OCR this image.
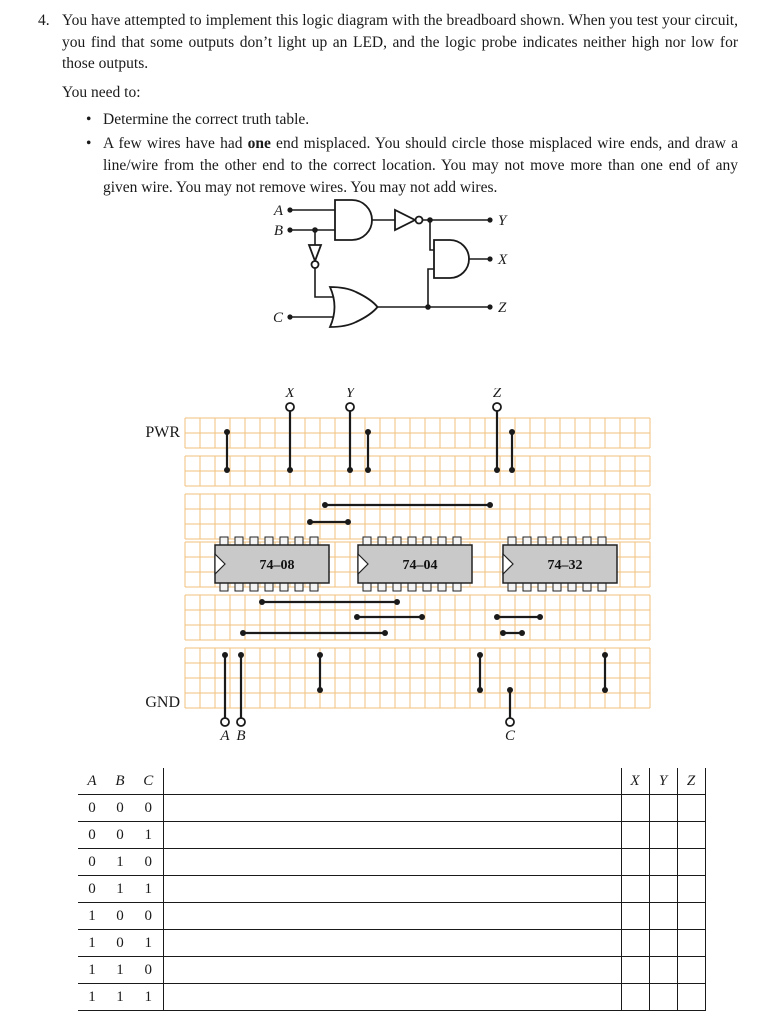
4. You have attempted to implement this logic diagram with the breadboard shown. When you test your circuit, you find that some outputs don’t light up an LED, and the logic probe indicates neither high nor low for those outputs.
You need to:
• Determine the correct truth table.
• A few wires have had one end misplaced. You should circle those misplaced wire ends, and draw a line/wire from the other end to the correct location. You may not move more than one end of any given wire. You may not remove wires. You may not add wires.
A
B
C
Y
X
Z
74–08	74–04	74–32
PWR
GND
X	Y	Z
A B	C
A	B	C		X	Y	Z
0	0	0				
0	0	1				
0	1	0				
0	1	1				
1	0	0				
1	0	1				
1	1	0				
1	1	1				
